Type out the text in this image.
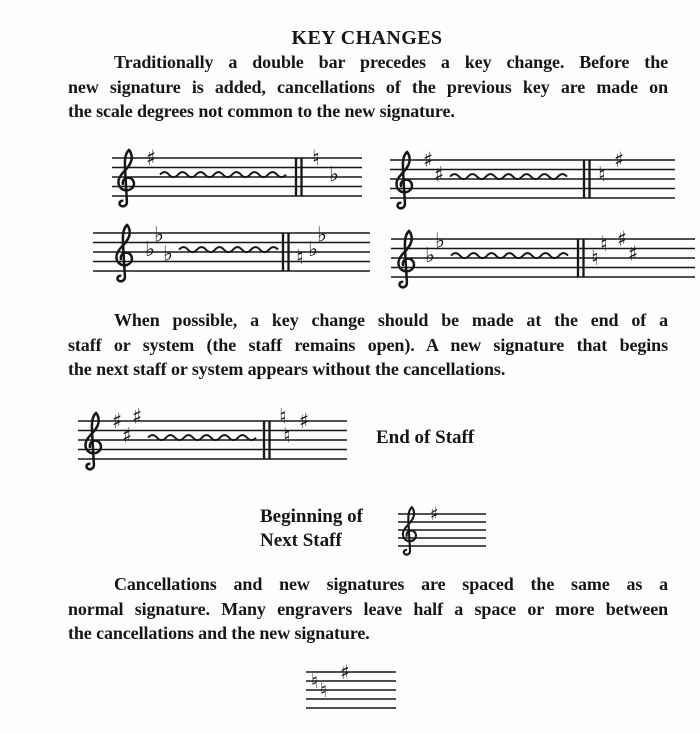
KEY CHANGES
Traditionally a double bar precedes a key change. Before the
new signature is added, cancellations of the previous key are made on
the scale degrees not common to the new signature.
♯	♮
♭
♯
♯	♮
♯
♭
♭
♭	♮ ♭
♭
♭
♭
♮
♮ ♯
♯
When possible, a key change should be made at the end of a
staff or system (the staff remains open). A new signature that begins
the next staff or system appears without the cancellations.
♯
♯
♯	♮
♮
♯
End of Staff
Beginning of
Next Staff
♯
Cancellations and new signatures are spaced the same as a
normal signature. Many engravers leave half a space or more between
the cancellations and the new signature.
♮ ♮
♯
